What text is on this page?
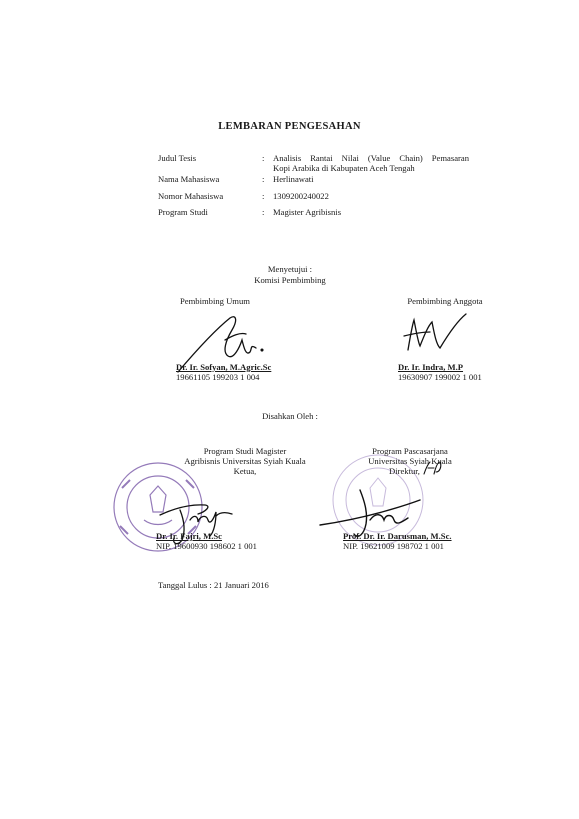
LEMBARAN PENGESAHAN
Judul Tesis	: Analisis Rantai Nilai (Value Chain) Pemasaran
Kopi Arabika di Kabupaten Aceh Tengah
Nama Mahasiswa	: Herlinawati
Nomor Mahasiswa	: 1309200240022
Program Studi	: Magister Agribisnis
Menyetujui :
Komisi Pembimbing
Pembimbing Umum	Pembimbing Anggota
Dr. Ir. Sofyan, M.Agric.Sc
19661105 199203 1 004
Dr. Ir. Indra, M.P
19630907 199002 1 001
Disahkan Oleh :
Program Studi Magister
Agribisnis Universitas Syiah Kuala
Ketua,
Program Pascasarjana
Universitas Syiah Kuala
Direktur,
Dr. Ir. Fajri, M.Sc
NIP. 19600930 198602 1 001
Prof. Dr. Ir. Darusman, M.Sc.
NIP. 19621009 198702 1 001
Tanggal Lulus : 21 Januari 2016
